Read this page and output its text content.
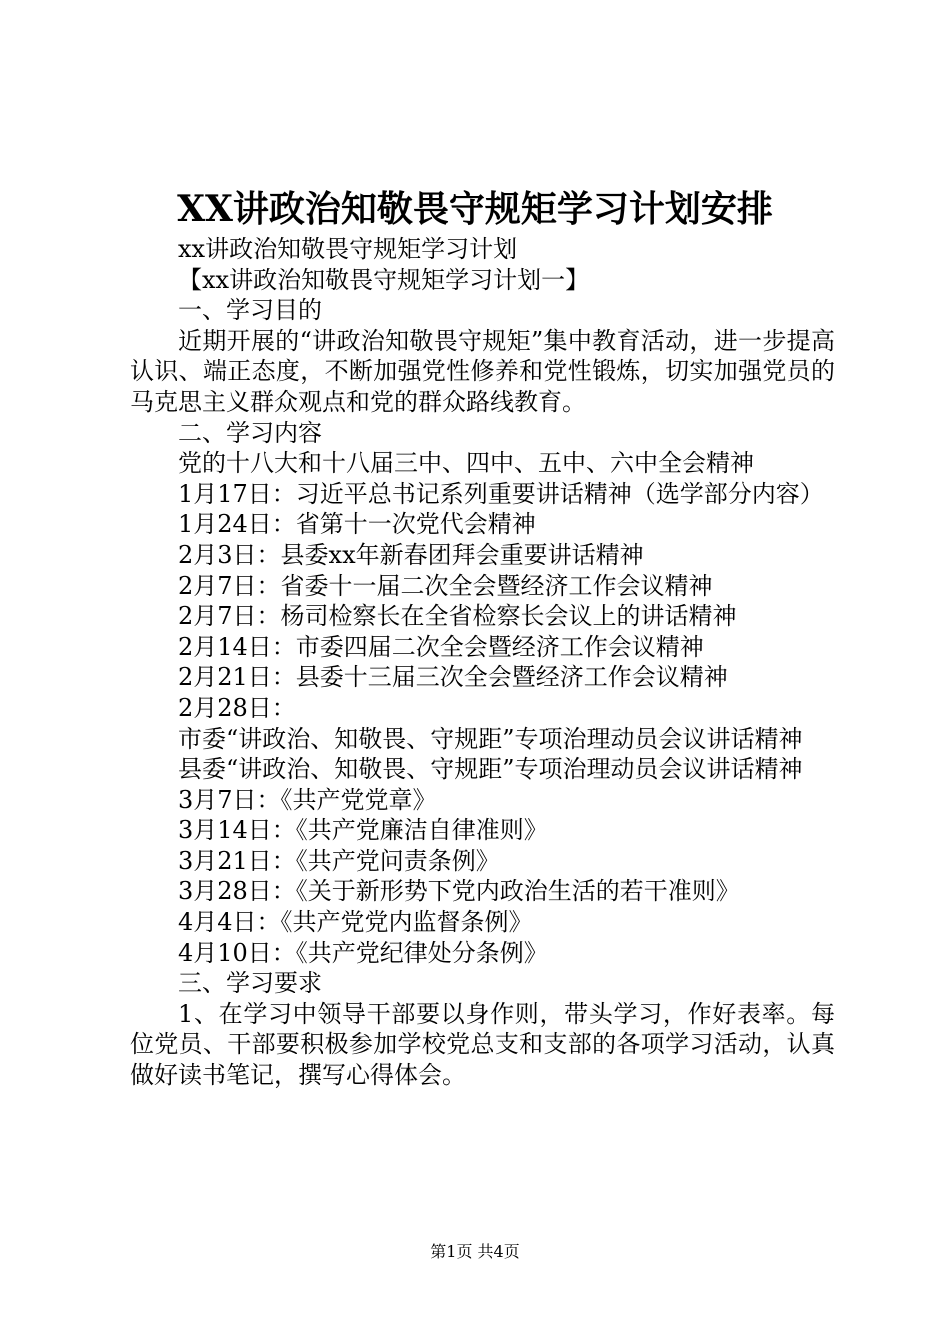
XX讲政治知敬畏守规矩学习计划安排

xx讲政治知敬畏守规矩学习计划

【xx讲政治知敬畏守规矩学习计划一】

一、学习目的

近期开展的“讲政治知敬畏守规矩”集中教育活动，进一步提高认识、端正态度，不断加强党性修养和党性锻炼，切实加强党员的马克思主义群众观点和党的群众路线教育。

二、学习内容

党的十八大和十八届三中、四中、五中、六中全会精神

1月17日：习近平总书记系列重要讲话精神（选学部分内容）

1月24日：省第十一次党代会精神

2月3日：县委xx年新春团拜会重要讲话精神

2月7日：省委十一届二次全会暨经济工作会议精神

2月7日：杨司检察长在全省检察长会议上的讲话精神

2月14日：市委四届二次全会暨经济工作会议精神

2月21日：县委十三届三次全会暨经济工作会议精神

2月28日：

市委“讲政治、知敬畏、守规距”专项治理动员会议讲话精神

县委“讲政治、知敬畏、守规距”专项治理动员会议讲话精神

3月7日：《共产党党章》

3月14日：《共产党廉洁自律准则》

3月21日：《共产党问责条例》

3月28日：《关于新形势下党内政治生活的若干准则》

4月4日：《共产党党内监督条例》

4月10日：《共产党纪律处分条例》

三、学习要求

1、在学习中领导干部要以身作则，带头学习，作好表率。每位党员、干部要积极参加学校党总支和支部的各项学习活动，认真做好读书笔记，撰写心得体会。

第1页 共4页
